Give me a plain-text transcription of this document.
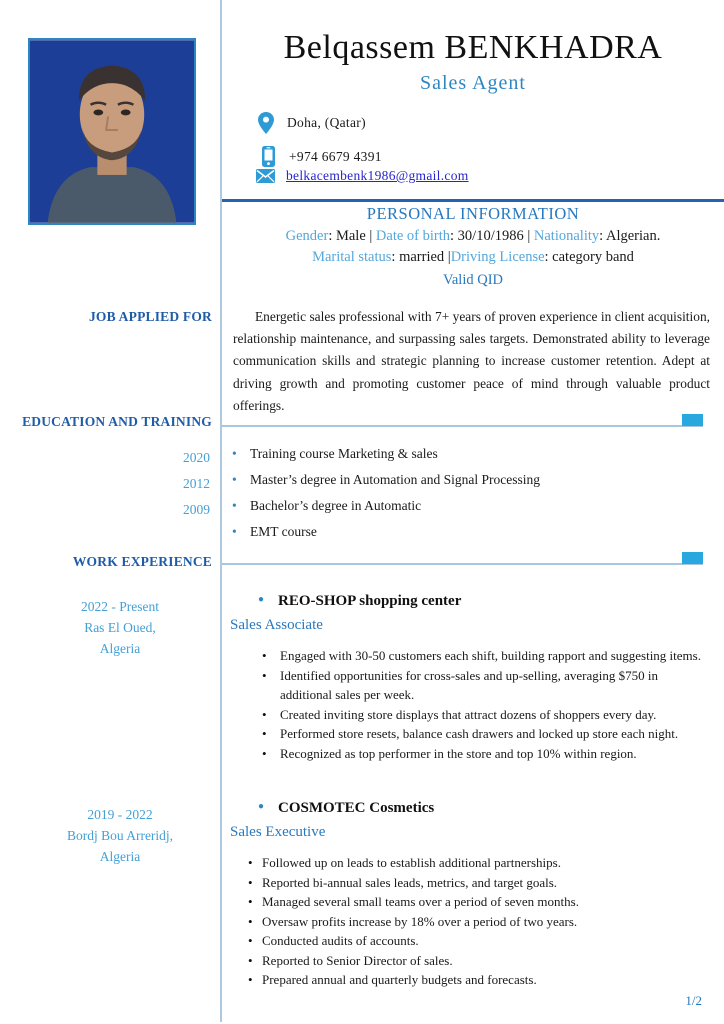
Belqassem BENKHADRA
Sales Agent
Doha, (Qatar)
+974 6679 4391
belkacembenk1986@gmail.com
PERSONAL INFORMATION
Gender: Male | Date of birth: 30/10/1986 | Nationality: Algerian.
Marital status: married |Driving License: category band
Valid QID
JOB APPLIED FOR	Energetic sales professional with 7+ years of proven experience in client acquisition, relationship maintenance, and surpassing sales targets. Demonstrated ability to leverage communication skills and strategic planning to increase customer retention. Adept at driving growth and promoting customer peace of mind through valuable product offerings.
EDUCATION AND TRAINING
2020
2012
2009
• Training course Marketing & sales
• Master’s degree in Automation and Signal Processing
• Bachelor’s degree in Automatic
• EMT course
WORK EXPERIENCE
2022 - Present
Ras El Oued,
Algeria
● REO-SHOP shopping center
Sales Associate
• Engaged with 30-50 customers each shift, building rapport and suggesting items.
• Identified opportunities for cross-sales and up-selling, averaging $750 in additional sales per week.
• Created inviting store displays that attract dozens of shoppers every day.
• Performed store resets, balance cash drawers and locked up store each night.
• Recognized as top performer in the store and top 10% within region.
2019 - 2022
Bordj Bou Arreridj,
Algeria
● COSMOTEC Cosmetics
Sales Executive
• Followed up on leads to establish additional partnerships.
• Reported bi-annual sales leads, metrics, and target goals.
• Managed several small teams over a period of seven months.
• Oversaw profits increase by 18% over a period of two years.
• Conducted audits of accounts.
• Reported to Senior Director of sales.
• Prepared annual and quarterly budgets and forecasts.
1/2
